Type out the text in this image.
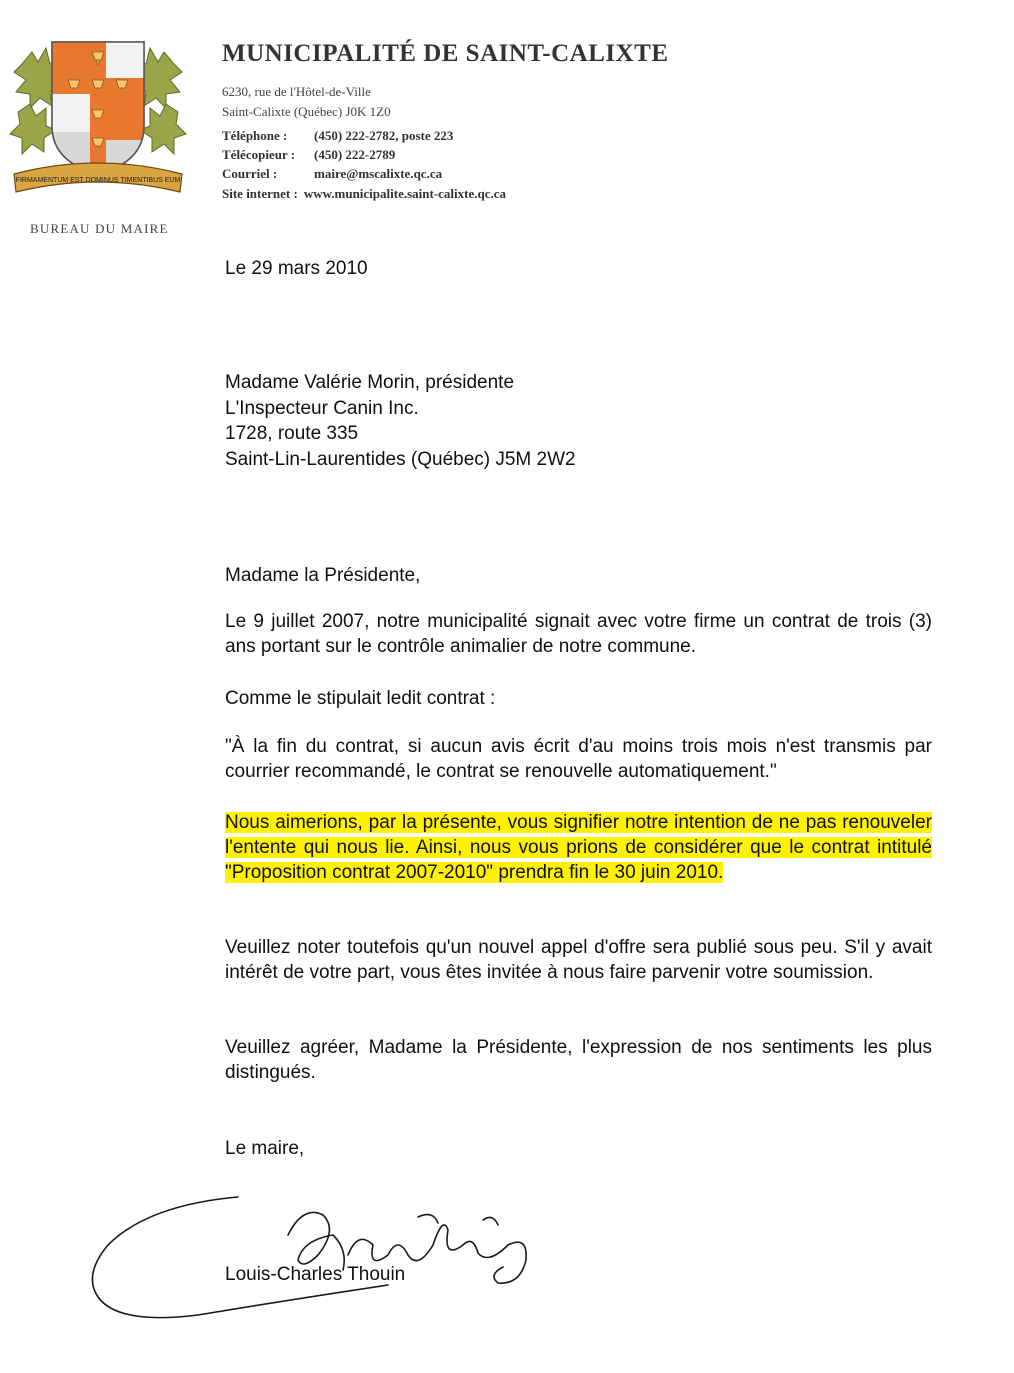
FIRMAMENTUM EST DOMINUS TIMENTIBUS EUM
MUNICIPALITÉ DE SAINT-CALIXTE
6230, rue de l'Hôtel-de-Ville
Saint-Calixte (Québec) J0K 1Z0
Téléphone :	(450) 222-2782, poste 223
Télécopieur :	(450) 222-2789
Courriel :	maire@mscalixte.qc.ca
Site internet : www.municipalite.saint-calixte.qc.ca
BUREAU DU MAIRE
Le 29 mars 2010
Madame Valérie Morin, présidente
L'Inspecteur Canin Inc.
1728, route 335
Saint-Lin-Laurentides (Québec) J5M 2W2
Madame la Présidente,
Le 9 juillet 2007, notre municipalité signait avec votre firme un contrat de trois (3) ans portant sur le contrôle animalier de notre commune.
Comme le stipulait ledit contrat :
"À la fin du contrat, si aucun avis écrit d'au moins trois mois n'est transmis par courrier recommandé, le contrat se renouvelle automatiquement."
Nous aimerions, par la présente, vous signifier notre intention de ne pas renouveler l'entente qui nous lie. Ainsi, nous vous prions de considérer que le contrat intitulé "Proposition contrat 2007-2010" prendra fin le 30 juin 2010.
Veuillez noter toutefois qu'un nouvel appel d'offre sera publié sous peu. S'il y avait intérêt de votre part, vous êtes invitée à nous faire parvenir votre soumission.
Veuillez agréer, Madame la Présidente, l'expression de nos sentiments les plus distingués.
Le maire,
Louis-Charles Thouin
